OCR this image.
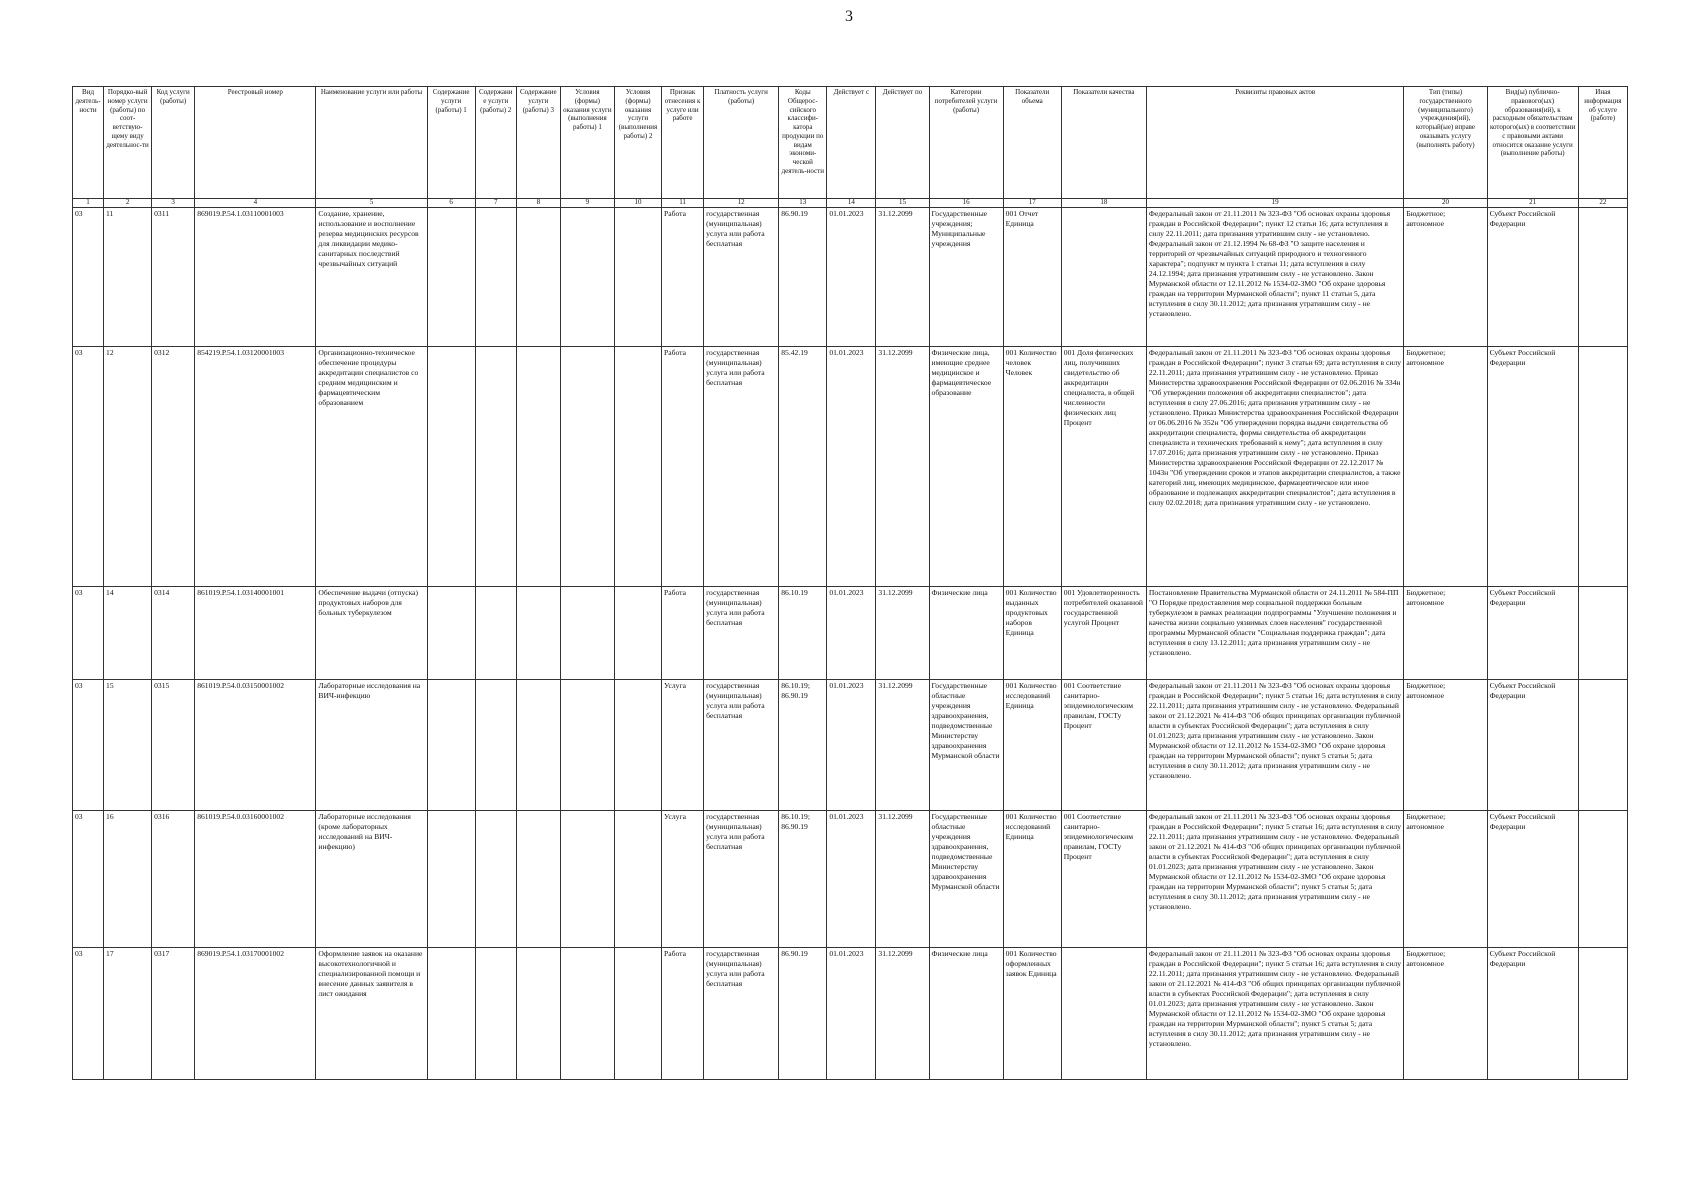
3
Вид деятель-ности	Порядко-вый номер услуги (работы) по соот-ветствую-щему виду деятельнос-ти	Код услуги (работы)	Реестровый номер	Наименование услуги или работы	Содержание услуги (работы) 1	Содержани е услуги (работы) 2	Содержание услуги (работы) 3	Условия (формы) оказания услуги (выполнения работы) 1	Условия (формы) оказания услуги (выполнения работы) 2	Признак отнесения к услуге или работе	Платность услуги (работы)	Коды Общерос-сийского классифи-катора продукции по видам экономи-ческой деятель-ности	Действует с	Действует по	Категории потребителей услуги (работы)	Показатели объема	Показатели качества	Реквизиты правовых актов	Тип (типы) государственного (муниципального) учреждения(ий), который(ые) вправе оказывать услугу (выполнять работу)	Вид(ы) публично-правового(ых) образования(ий), к расходным обязательствам которого(ых) в соответствии с правовыми актами относится оказание услуги (выполнение работы)	Иная информация об услуге (работе)
1	2	3	4	5	6	7	8	9	10	11	12	13	14	15	16	17	18	19	20	21	22
03	11	0311	869019.Р.54.1.03110001003	Создание, хранение, использование и восполнение резерва медицинских ресурсов для ликвидации медико-санитарных последствий чрезвычайных ситуаций						Работа	государственная (муниципальная) услуга или работа бесплатная	86.90.19	01.01.2023	31.12.2099	Государственные учреждения; Муниципальные учреждения	001 Отчет Единица		Федеральный закон от 21.11.2011 № 323-ФЗ "Об основах охраны здоровья граждан в Российской Федерации"; пункт 12 статьи 16; дата вступления в силу 22.11.2011; дата признания утратившим силу - не установлено. Федеральный закон от 21.12.1994 № 68-ФЗ "О защите населения и территорий от чрезвычайных ситуаций природного и техногенного характера"; подпункт м пункта 1 статьи 11; дата вступления в силу 24.12.1994; дата признания утратившим силу - не установлено. Закон Мурманской области от 12.11.2012 № 1534-02-ЗМО "Об охране здоровья граждан на территории Мурманской области"; пункт 11 статьи 5, дата вступления в силу 30.11.2012; дата признания утратившим силу - не установлено.	Бюджетное; автономное	Субъект Российской Федерации	
03	12	0312	854219.Р.54.1.03120001003	Организационно-техническое обеспечение процедуры аккредитации специалистов со средним медицинским и фармацевтическим образованием						Работа	государственная (муниципальная) услуга или работа бесплатная	85.42.19	01.01.2023	31.12.2099	Физические лица, имеющие среднее медицинское и фармацевтическое образование	001 Количество человек Человек	001 Доля физических лиц, получивших свидетельство об аккредитации специалиста, в общей численности физических лиц Процент	Федеральный закон от 21.11.2011 № 323-ФЗ "Об основах охраны здоровья граждан в Российской Федерации"; пункт 3 статьи 69; дата вступления в силу 22.11.2011; дата признания утратившим силу - не установлено. Приказ Министерства здравоохранения Российской Федерации от 02.06.2016 № 334н "Об утверждении положения об аккредитации специалистов"; дата вступления в силу 27.06.2016; дата признания утратившим силу - не установлено. Приказ Министерства здравоохранения Российской Федерации от 06.06.2016 № 352н "Об утверждении порядка выдачи свидетельства об аккредитации специалиста, формы свидетельства об аккредитации специалиста и технических требований к нему"; дата вступления в силу 17.07.2016; дата признания утратившим силу - не установлено. Приказ Министерства здравоохранения Российской Федерации от 22.12.2017 № 1043н "Об утверждении сроков и этапов аккредитации специалистов, а также категорий лиц, имеющих медицинское, фармацевтическое или иное образование и подлежащих аккредитации специалистов"; дата вступления в силу 02.02.2018; дата признания утратившим силу - не установлено.	Бюджетное; автономное	Субъект Российской Федерации	
03	14	0314	861019.Р.54.1.03140001001	Обеспечение выдачи (отпуска) продуктовых наборов для больных туберкулезом						Работа	государственная (муниципальная) услуга или работа бесплатная	86.10.19	01.01.2023	31.12.2099	Физические лица	001 Количество выданных продуктовых наборов Единица	001 Удовлетворенность потребителей оказанной государственной услугой Процент	Постановление Правительства Мурманской области от 24.11.2011 № 584-ПП "О Порядке предоставления мер социальной поддержки больным туберкулезом в рамках реализации подпрограммы "Улучшение положения и качества жизни социально уязвимых слоев населения" государственной программы Мурманской области "Социальная поддержка граждан"; дата вступления в силу 13.12.2011; дата признания утратившим силу - не установлено.	Бюджетное; автономное	Субъект Российской Федерации	
03	15	0315	861019.Р.54.0.03150001002	Лабораторные исследования на ВИЧ-инфекцию						Услуга	государственная (муниципальная) услуга или работа бесплатная	86.10.19; 86.90.19	01.01.2023	31.12.2099	Государственные областные учреждения здравоохранения, подведомственные Министерству здравоохранения Мурманской области	001 Количество исследований Единица	001 Соответствие санитарно-эпидемиологическим правилам, ГОСТу Процент	Федеральный закон от 21.11.2011 № 323-ФЗ "Об основах охраны здоровья граждан в Российской Федерации"; пункт 5 статьи 16; дата вступления в силу 22.11.2011; дата признания утратившим силу - не установлено. Федеральный закон от 21.12.2021 № 414-ФЗ "Об общих принципах организации публичной власти в субъектах Российской Федерации"; дата вступления в силу 01.01.2023; дата признания утратившим силу - не установлено. Закон Мурманской области от 12.11.2012 № 1534-02-ЗМО "Об охране здоровья граждан на территории Мурманской области"; пункт 5 статьи 5; дата вступления в силу 30.11.2012; дата признания утратившим силу - не установлено.	Бюджетное; автономное	Субъект Российской Федерации	
03	16	0316	861019.Р.54.0.03160001002	Лабораторные исследования (кроме лабораторных исследований на ВИЧ-инфекцию)						Услуга	государственная (муниципальная) услуга или работа бесплатная	86.10.19; 86.90.19	01.01.2023	31.12.2099	Государственные областные учреждения здравоохранения, подведомственные Министерству здравоохранения Мурманской области	001 Количество исследований Единица	001 Соответствие санитарно-эпидемиологическим правилам, ГОСТу Процент	Федеральный закон от 21.11.2011 № 323-ФЗ "Об основах охраны здоровья граждан в Российской Федерации"; пункт 5 статьи 16; дата вступления в силу 22.11.2011; дата признания утратившим силу - не установлено. Федеральный закон от 21.12.2021 № 414-ФЗ "Об общих принципах организации публичной власти в субъектах Российской Федерации"; дата вступления в силу 01.01.2023; дата признания утратившим силу - не установлено. Закон Мурманской области от 12.11.2012 № 1534-02-ЗМО "Об охране здоровья граждан на территории Мурманской области"; пункт 5 статьи 5; дата вступления в силу 30.11.2012; дата признания утратившим силу - не установлено.	Бюджетное; автономное	Субъект Российской Федерации	
03	17	0317	869019.Р.54.1.03170001002	Оформление заявок на оказание высокотехнологичной и специализированной помощи и внесение данных заявителя в лист ожидания						Работа	государственная (муниципальная) услуга или работа бесплатная	86.90.19	01.01.2023	31.12.2099	Физические лица	001 Количество оформленных заявок Единица		Федеральный закон от 21.11.2011 № 323-ФЗ "Об основах охраны здоровья граждан в Российской Федерации"; пункт 5 статьи 16; дата вступления в силу 22.11.2011; дата признания утратившим силу - не установлено. Федеральный закон от 21.12.2021 № 414-ФЗ "Об общих принципах организации публичной власти в субъектах Российской Федерации"; дата вступления в силу 01.01.2023; дата признания утратившим силу - не установлено. Закон Мурманской области от 12.11.2012 № 1534-02-ЗМО "Об охране здоровья граждан на территории Мурманской области"; пункт 5 статьи 5; дата вступления в силу 30.11.2012; дата признания утратившим силу - не установлено.	Бюджетное; автономное	Субъект Российской Федерации	
